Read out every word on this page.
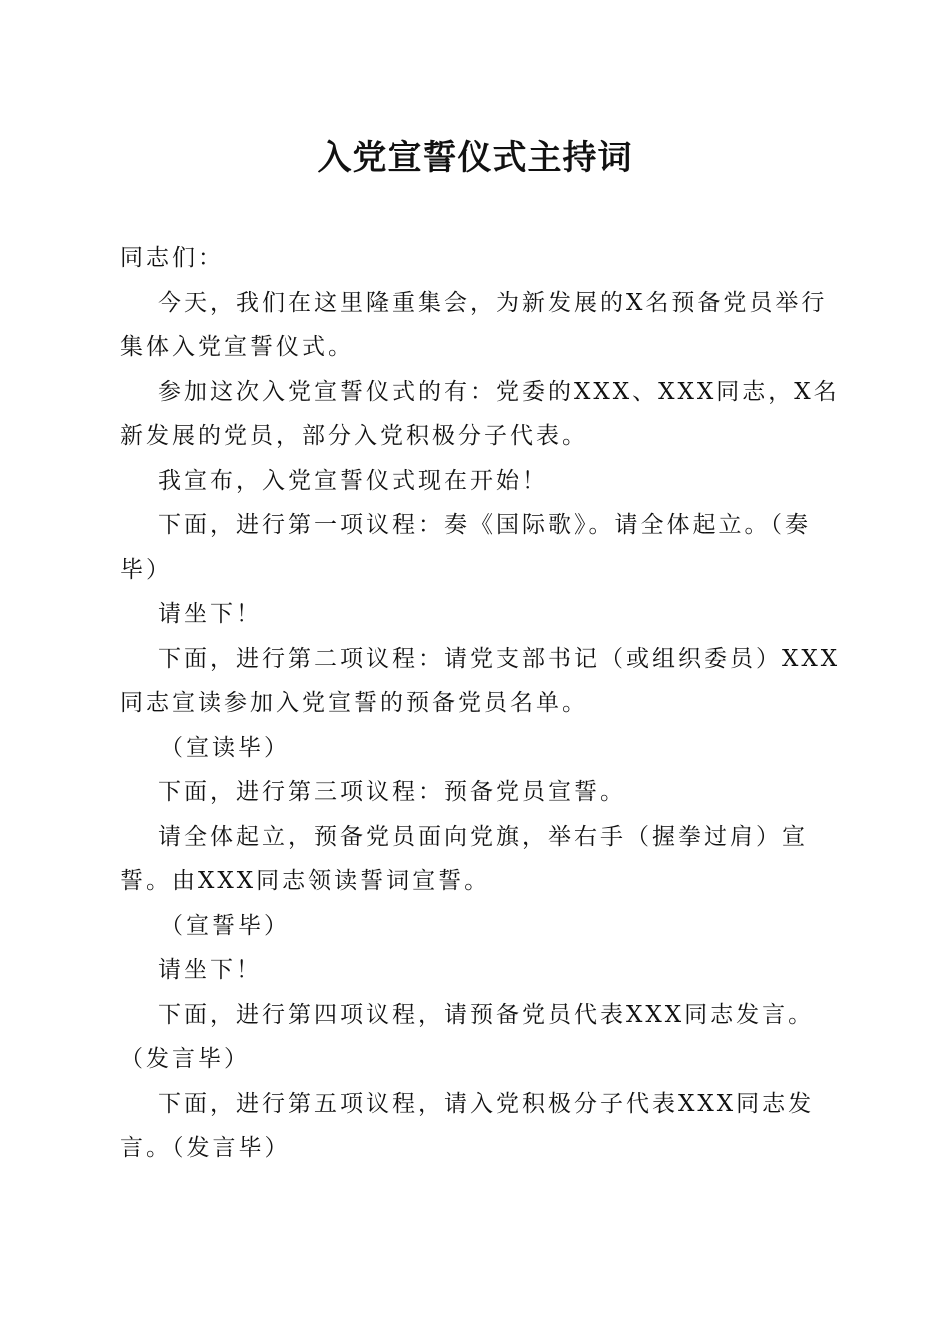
入党宣誓仪式主持词

同志们：

今天，我们在这里隆重集会，为新发展的X名预备党员举行集体入党宣誓仪式。

参加这次入党宣誓仪式的有：党委的XXX、XXX同志，X名新发展的党员，部分入党积极分子代表。

我宣布，入党宣誓仪式现在开始！

下面，进行第一项议程：奏《国际歌》。请全体起立。（奏毕）

请坐下！

下面，进行第二项议程：请党支部书记（或组织委员）XXX同志宣读参加入党宣誓的预备党员名单。

（宣读毕）

下面，进行第三项议程：预备党员宣誓。

请全体起立，预备党员面向党旗，举右手（握拳过肩）宣誓。由XXX同志领读誓词宣誓。

（宣誓毕）

请坐下！

下面，进行第四项议程，请预备党员代表XXX同志发言。（发言毕）

下面，进行第五项议程，请入党积极分子代表XXX同志发言。（发言毕）
